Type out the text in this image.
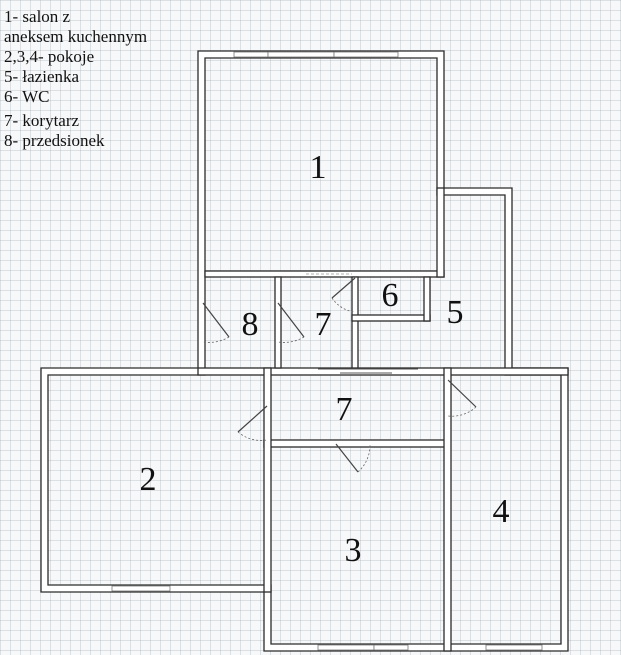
1- salon z
aneksem kuchennym
2,3,4- pokoje
5- łazienka
6- WC
7- korytarz
8- przedsionek
1
2
3
4
5
6
7
7
8
